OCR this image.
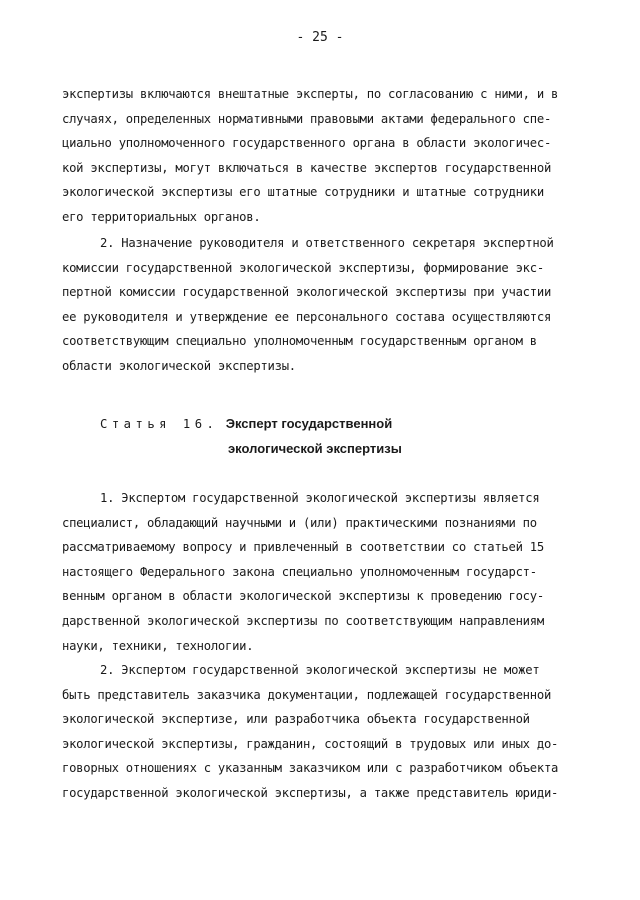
- 25 -
экспертизы включаются внештатные эксперты, по согласованию с ними, и в
случаях, определенных нормативными правовыми актами федерального спе-
циально уполномоченного государственного органа в области экологичес-
кой экспертизы, могут включаться в качестве экспертов государственной
экологической экспертизы его штатные сотрудники и штатные сотрудники
его территориальных органов.
2. Назначение руководителя и ответственного секретаря экспертной
комиссии государственной экологической экспертизы, формирование экс-
пертной комиссии государственной экологической экспертизы при участии
ее руководителя и утверждение ее персонального состава осуществляются
соответствующим специально уполномоченным государственным органом в
области экологической экспертизы.
Статья 16. Эксперт государственной
экологической экспертизы
1. Экспертом государственной экологической экспертизы является
специалист, обладающий научными и (или) практическими познаниями по
рассматриваемому вопросу и привлеченный в соответствии со статьей 15
настоящего Федерального закона специально уполномоченным государст-
венным органом в области экологической экспертизы к проведению госу-
дарственной экологической экспертизы по соответствующим направлениям
науки, техники, технологии.
2. Экспертом государственной экологической экспертизы не может
быть представитель заказчика документации, подлежащей государственной
экологической экспертизе, или разработчика объекта государственной
экологической экспертизы, гражданин, состоящий в трудовых или иных до-
говорных отношениях с указанным заказчиком или с разработчиком объекта
государственной экологической экспертизы, а также представитель юриди-
